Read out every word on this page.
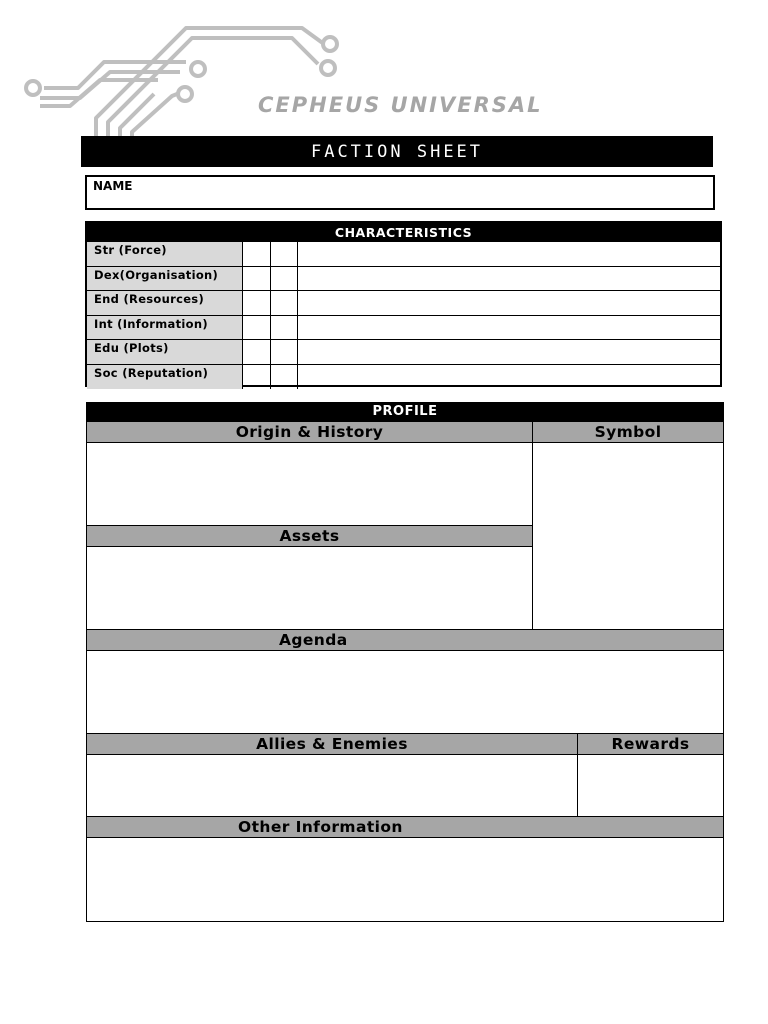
CEPHEUS UNIVERSAL
FACTION SHEET
NAME
CHARACTERISTICS
Str (Force)
Dex(Organisation)
End (Resources)
Int (Information)
Edu (Plots)
Soc (Reputation)
PROFILE
Origin & History	Symbol
Assets
Agenda
Allies & Enemies	Rewards
Other Information
